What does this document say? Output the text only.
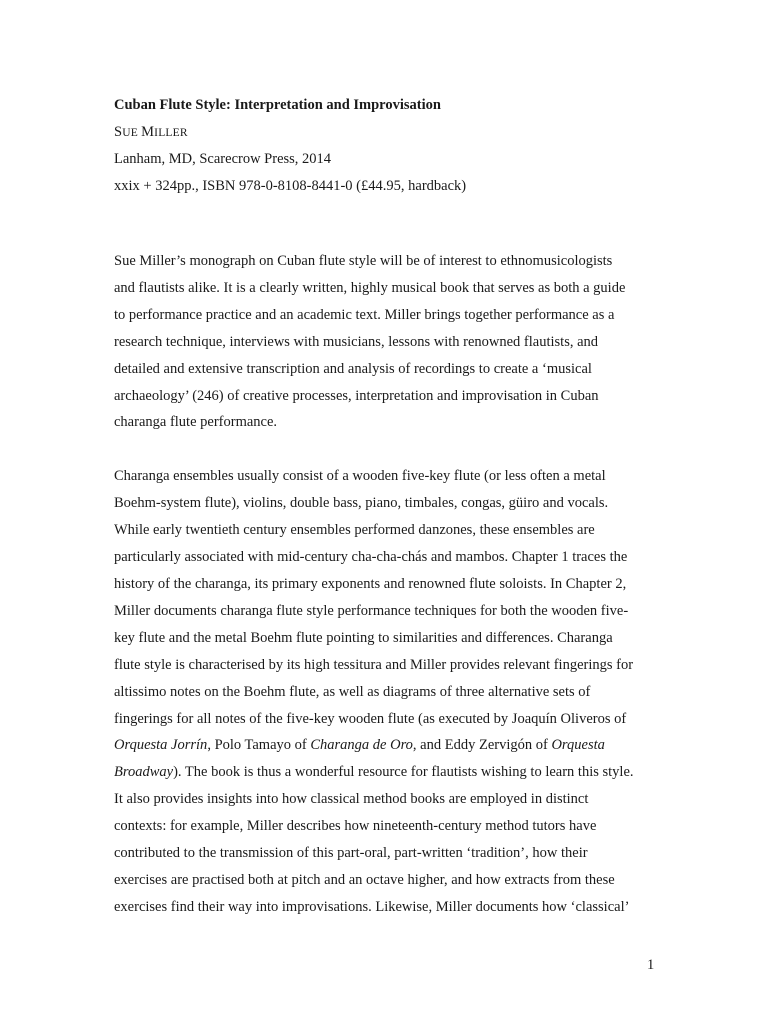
Cuban Flute Style: Interpretation and Improvisation

SUE MILLER

Lanham, MD, Scarecrow Press, 2014

xxix + 324pp., ISBN 978-0-8108-8441-0 (£44.95, hardback)

Sue Miller’s monograph on Cuban flute style will be of interest to ethnomusicologists
and flautists alike. It is a clearly written, highly musical book that serves as both a guide
to performance practice and an academic text. Miller brings together performance as a
research technique, interviews with musicians, lessons with renowned flautists, and
detailed and extensive transcription and analysis of recordings to create a ‘musical
archaeology’ (246) of creative processes, interpretation and improvisation in Cuban
charanga flute performance.

Charanga ensembles usually consist of a wooden five-key flute (or less often a metal
Boehm-system flute), violins, double bass, piano, timbales, congas, güiro and vocals.
While early twentieth century ensembles performed danzones, these ensembles are
particularly associated with mid-century cha-cha-chás and mambos. Chapter 1 traces the
history of the charanga, its primary exponents and renowned flute soloists. In Chapter 2,
Miller documents charanga flute style performance techniques for both the wooden five-
key flute and the metal Boehm flute pointing to similarities and differences. Charanga
flute style is characterised by its high tessitura and Miller provides relevant fingerings for
altissimo notes on the Boehm flute, as well as diagrams of three alternative sets of
fingerings for all notes of the five-key wooden flute (as executed by Joaquín Oliveros of
Orquesta Jorrín, Polo Tamayo of Charanga de Oro, and Eddy Zervigón of Orquesta
Broadway). The book is thus a wonderful resource for flautists wishing to learn this style.
It also provides insights into how classical method books are employed in distinct
contexts: for example, Miller describes how nineteenth-century method tutors have
contributed to the transmission of this part-oral, part-written ‘tradition’, how their
exercises are practised both at pitch and an octave higher, and how extracts from these
exercises find their way into improvisations. Likewise, Miller documents how ‘classical’

1
